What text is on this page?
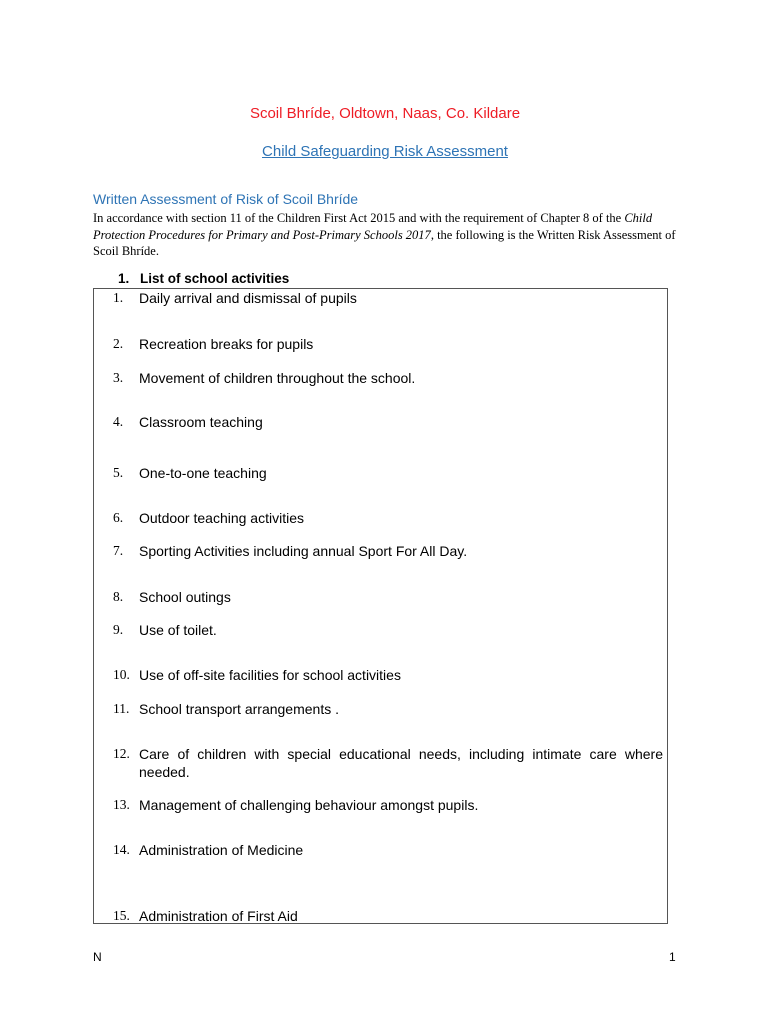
Scoil Bhríde, Oldtown, Naas, Co. Kildare
Child Safeguarding Risk Assessment
Written Assessment of Risk of Scoil Bhríde
In accordance with section 11 of the Children First Act 2015 and with the requirement of Chapter 8 of the Child Protection Procedures for Primary and Post-Primary Schools 2017, the following is the Written Risk Assessment of Scoil Bhríde.
1. List of school activities
1.	Daily arrival and dismissal of pupils
2.	Recreation breaks for pupils
3.	Movement of children throughout the school.
4.	Classroom teaching
5.	One-to-one teaching
6.	Outdoor teaching activities
7.	Sporting Activities including annual Sport For All Day.
8.	School outings
9.	Use of toilet.
10. Use of off-site facilities for school activities
11. School transport arrangements .
12. Care of children with special educational needs, including intimate care where needed.
13. Management of challenging behaviour amongst pupils.
14. Administration of Medicine
15. Administration of First Aid
N	1
